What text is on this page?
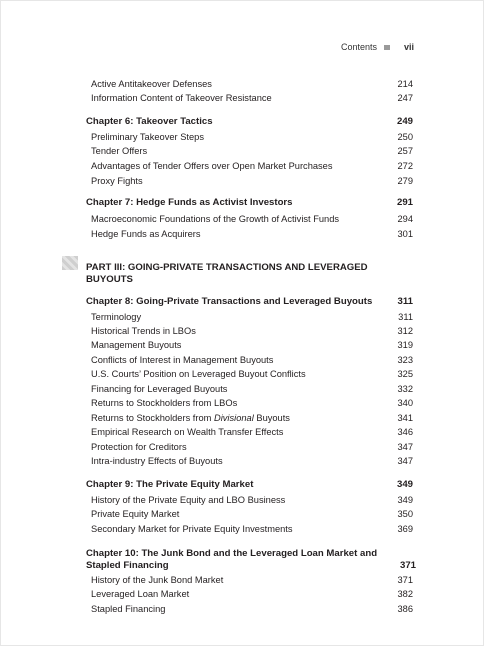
Contents	vii
Active Antitakeover Defenses	214
Information Content of Takeover Resistance	247
Chapter 6: Takeover Tactics	249
Preliminary Takeover Steps	250
Tender Offers	257
Advantages of Tender Offers over Open Market Purchases	272
Proxy Fights	279
Chapter 7: Hedge Funds as Activist Investors	291
Macroeconomic Foundations of the Growth of Activist Funds	294
Hedge Funds as Acquirers	301
PART III: GOING-PRIVATE TRANSACTIONS AND LEVERAGED BUYOUTS
Chapter 8: Going-Private Transactions and Leveraged Buyouts	311
Terminology	311
Historical Trends in LBOs	312
Management Buyouts	319
Conflicts of Interest in Management Buyouts	323
U.S. Courts’ Position on Leveraged Buyout Conflicts	325
Financing for Leveraged Buyouts	332
Returns to Stockholders from LBOs	340
Returns to Stockholders from Divisional Buyouts	341
Empirical Research on Wealth Transfer Effects	346
Protection for Creditors	347
Intra-industry Effects of Buyouts	347
Chapter 9: The Private Equity Market	349
History of the Private Equity and LBO Business	349
Private Equity Market	350
Secondary Market for Private Equity Investments	369
Chapter 10: The Junk Bond and the Leveraged Loan Market and Stapled Financing	371
History of the Junk Bond Market	371
Leveraged Loan Market	382
Stapled Financing	386
